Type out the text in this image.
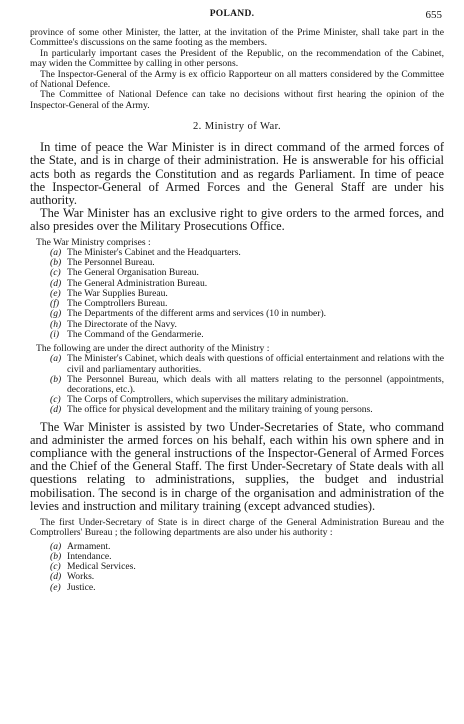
POLAND.	655

province of some other Minister, the latter, at the invitation of the Prime Minister, shall take part in the Committee's discussions on the same footing as the members.

In particularly important cases the President of the Republic, on the recommendation of the Cabinet, may widen the Committee by calling in other persons.

The Inspector-General of the Army is ex officio Rapporteur on all matters considered by the Committee of National Defence.

The Committee of National Defence can take no decisions without first hearing the opinion of the Inspector-General of the Army.

2. Ministry of War.

In time of peace the War Minister is in direct command of the armed forces of the State, and is in charge of their administration. He is answerable for his official acts both as regards the Constitution and as regards Parliament. In time of peace the Inspector-General of Armed Forces and the General Staff are under his authority.

The War Minister has an exclusive right to give orders to the armed forces, and also presides over the Military Prosecutions Office.

The War Ministry comprises :

(a) The Minister's Cabinet and the Headquarters.
(b) The Personnel Bureau.
(c) The General Organisation Bureau.
(d) The General Administration Bureau.
(e) The War Supplies Bureau.
(f) The Comptrollers Bureau.
(g) The Departments of the different arms and services (10 in number).
(h) The Directorate of the Navy.
(i) The Command of the Gendarmerie.

The following are under the direct authority of the Ministry :

(a) The Minister's Cabinet, which deals with questions of official entertainment and relations with the civil and parliamentary authorities.
(b) The Personnel Bureau, which deals with all matters relating to the personnel (appointments, decorations, etc.).
(c) The Corps of Comptrollers, which supervises the military administration.
(d) The office for physical development and the military training of young persons.

The War Minister is assisted by two Under-Secretaries of State, who command and administer the armed forces on his behalf, each within his own sphere and in compliance with the general instructions of the Inspector-General of Armed Forces and the Chief of the General Staff. The first Under-Secretary of State deals with all questions relating to administrations, supplies, the budget and industrial mobilisation. The second is in charge of the organisation and administration of the levies and instruction and military training (except advanced studies).

The first Under-Secretary of State is in direct charge of the General Administration Bureau and the Comptrollers' Bureau ; the following departments are also under his authority :

(a) Armament.
(b) Intendance.
(c) Medical Services.
(d) Works.
(e) Justice.
